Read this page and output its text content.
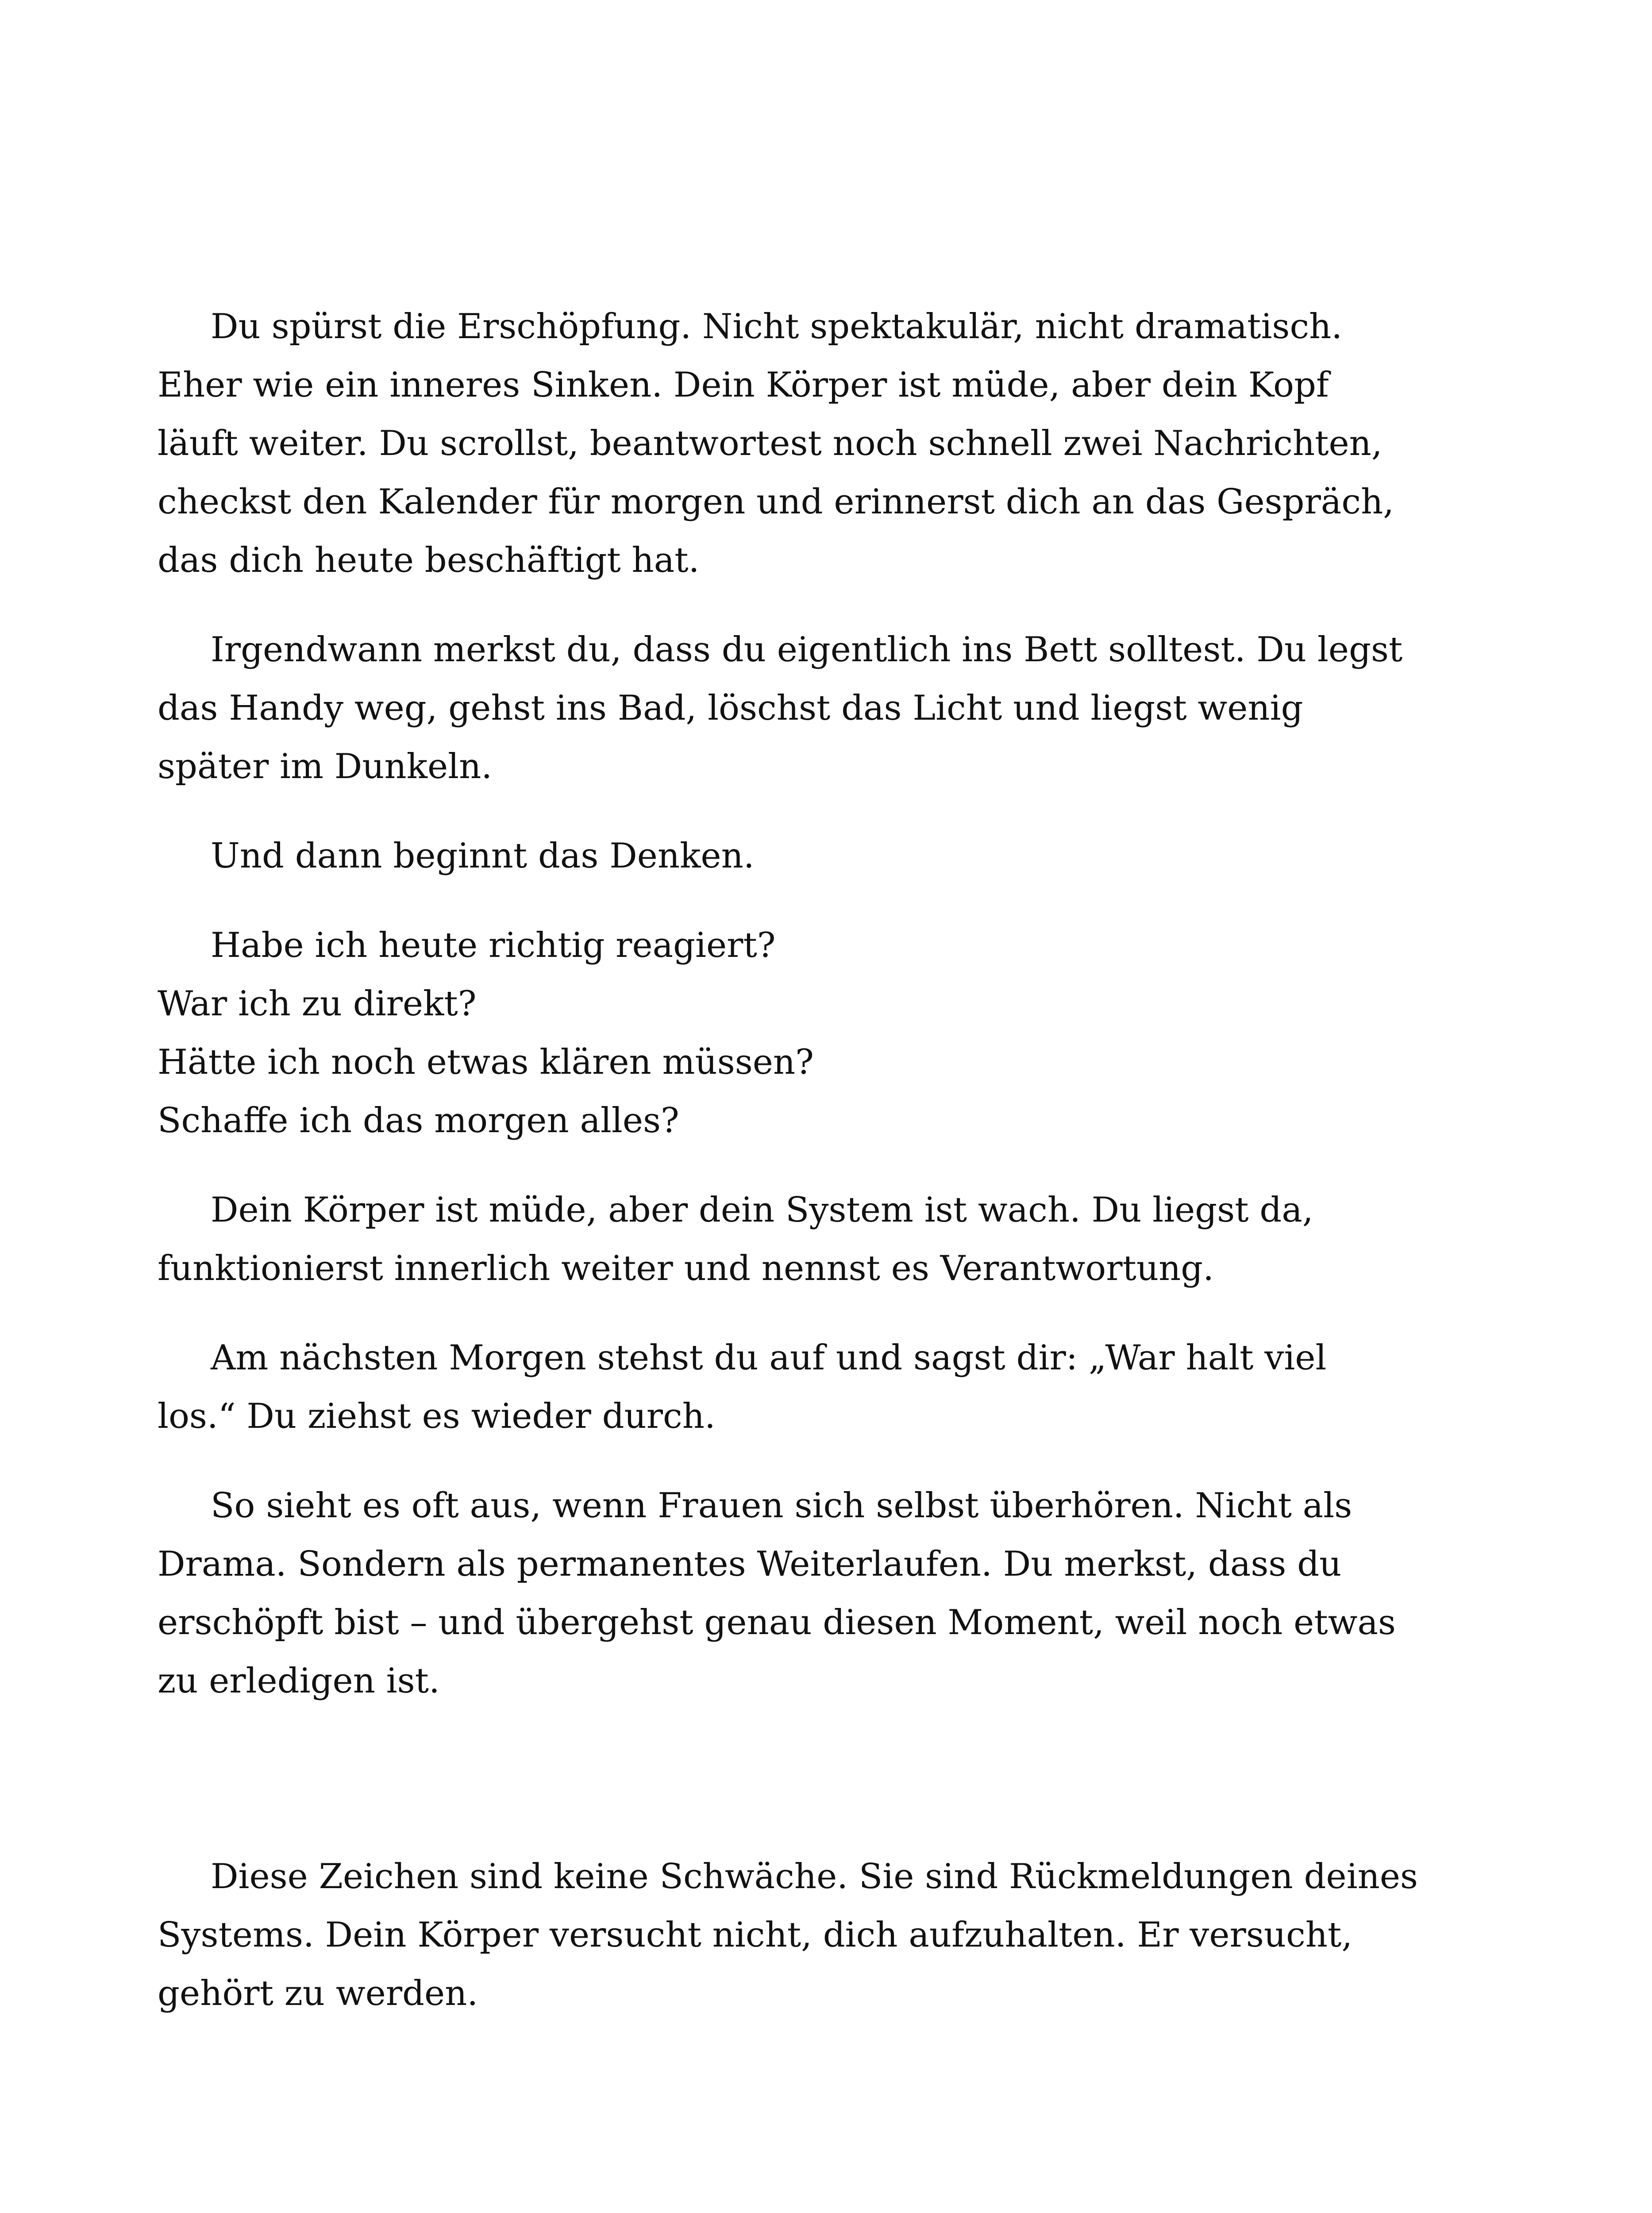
Du spürst die Erschöpfung. Nicht spektakulär, nicht dramatisch.
Eher wie ein inneres Sinken. Dein Körper ist müde, aber dein Kopf
läuft weiter. Du scrollst, beantwortest noch schnell zwei Nachrichten,
checkst den Kalender für morgen und erinnerst dich an das Gespräch,
das dich heute beschäftigt hat.

Irgendwann merkst du, dass du eigentlich ins Bett solltest. Du legst
das Handy weg, gehst ins Bad, löschst das Licht und liegst wenig
später im Dunkeln.

Und dann beginnt das Denken.

Habe ich heute richtig reagiert?
War ich zu direkt?
Hätte ich noch etwas klären müssen?
Schaffe ich das morgen alles?

Dein Körper ist müde, aber dein System ist wach. Du liegst da,
funktionierst innerlich weiter und nennst es Verantwortung.

Am nächsten Morgen stehst du auf und sagst dir: „War halt viel
los.“ Du ziehst es wieder durch.

So sieht es oft aus, wenn Frauen sich selbst überhören. Nicht als
Drama. Sondern als permanentes Weiterlaufen. Du merkst, dass du
erschöpft bist – und übergehst genau diesen Moment, weil noch etwas
zu erledigen ist.

Diese Zeichen sind keine Schwäche. Sie sind Rückmeldungen deines
Systems. Dein Körper versucht nicht, dich aufzuhalten. Er versucht,
gehört zu werden.
